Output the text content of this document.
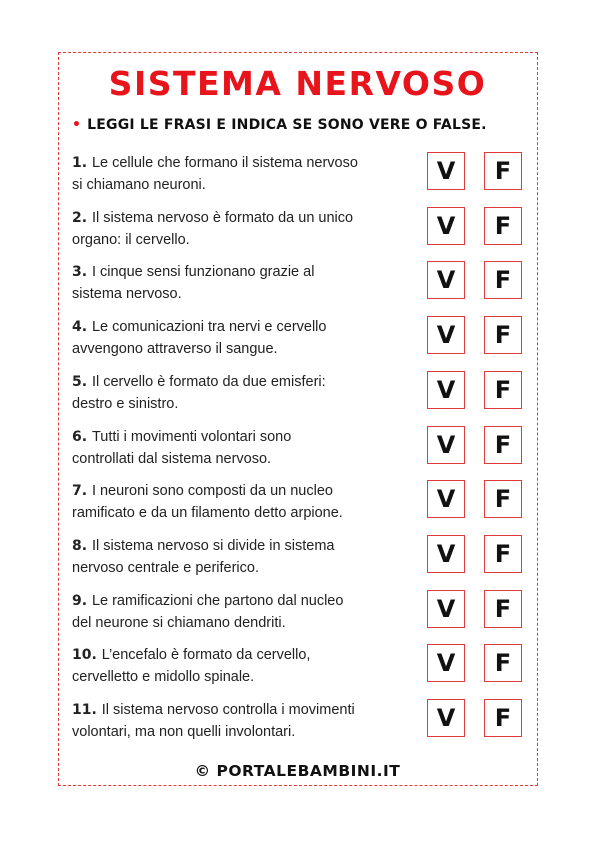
SISTEMA NERVOSO
• LEGGI LE FRASI E INDICA SE SONO VERE O FALSE.
1. Le cellule che formano il sistema nervoso
si chiamano neuroni.	V	F
2. Il sistema nervoso è formato da un unico
organo: il cervello.	V	F
3. I cinque sensi funzionano grazie al
sistema nervoso.	V	F
4. Le comunicazioni tra nervi e cervello
avvengono attraverso il sangue.	V	F
5. Il cervello è formato da due emisferi:
destro e sinistro.	V	F
6. Tutti i movimenti volontari sono
controllati dal sistema nervoso.	V	F
7. I neuroni sono composti da un nucleo
ramificato e da un filamento detto arpione.	V	F
8. Il sistema nervoso si divide in sistema
nervoso centrale e periferico.	V	F
9. Le ramificazioni che partono dal nucleo
del neurone si chiamano dendriti.	V	F
10. L’encefalo è formato da cervello,
cervelletto e midollo spinale.	V	F
11. Il sistema nervoso controlla i movimenti
volontari, ma non quelli involontari.	V	F
© PORTALEBAMBINI.IT
